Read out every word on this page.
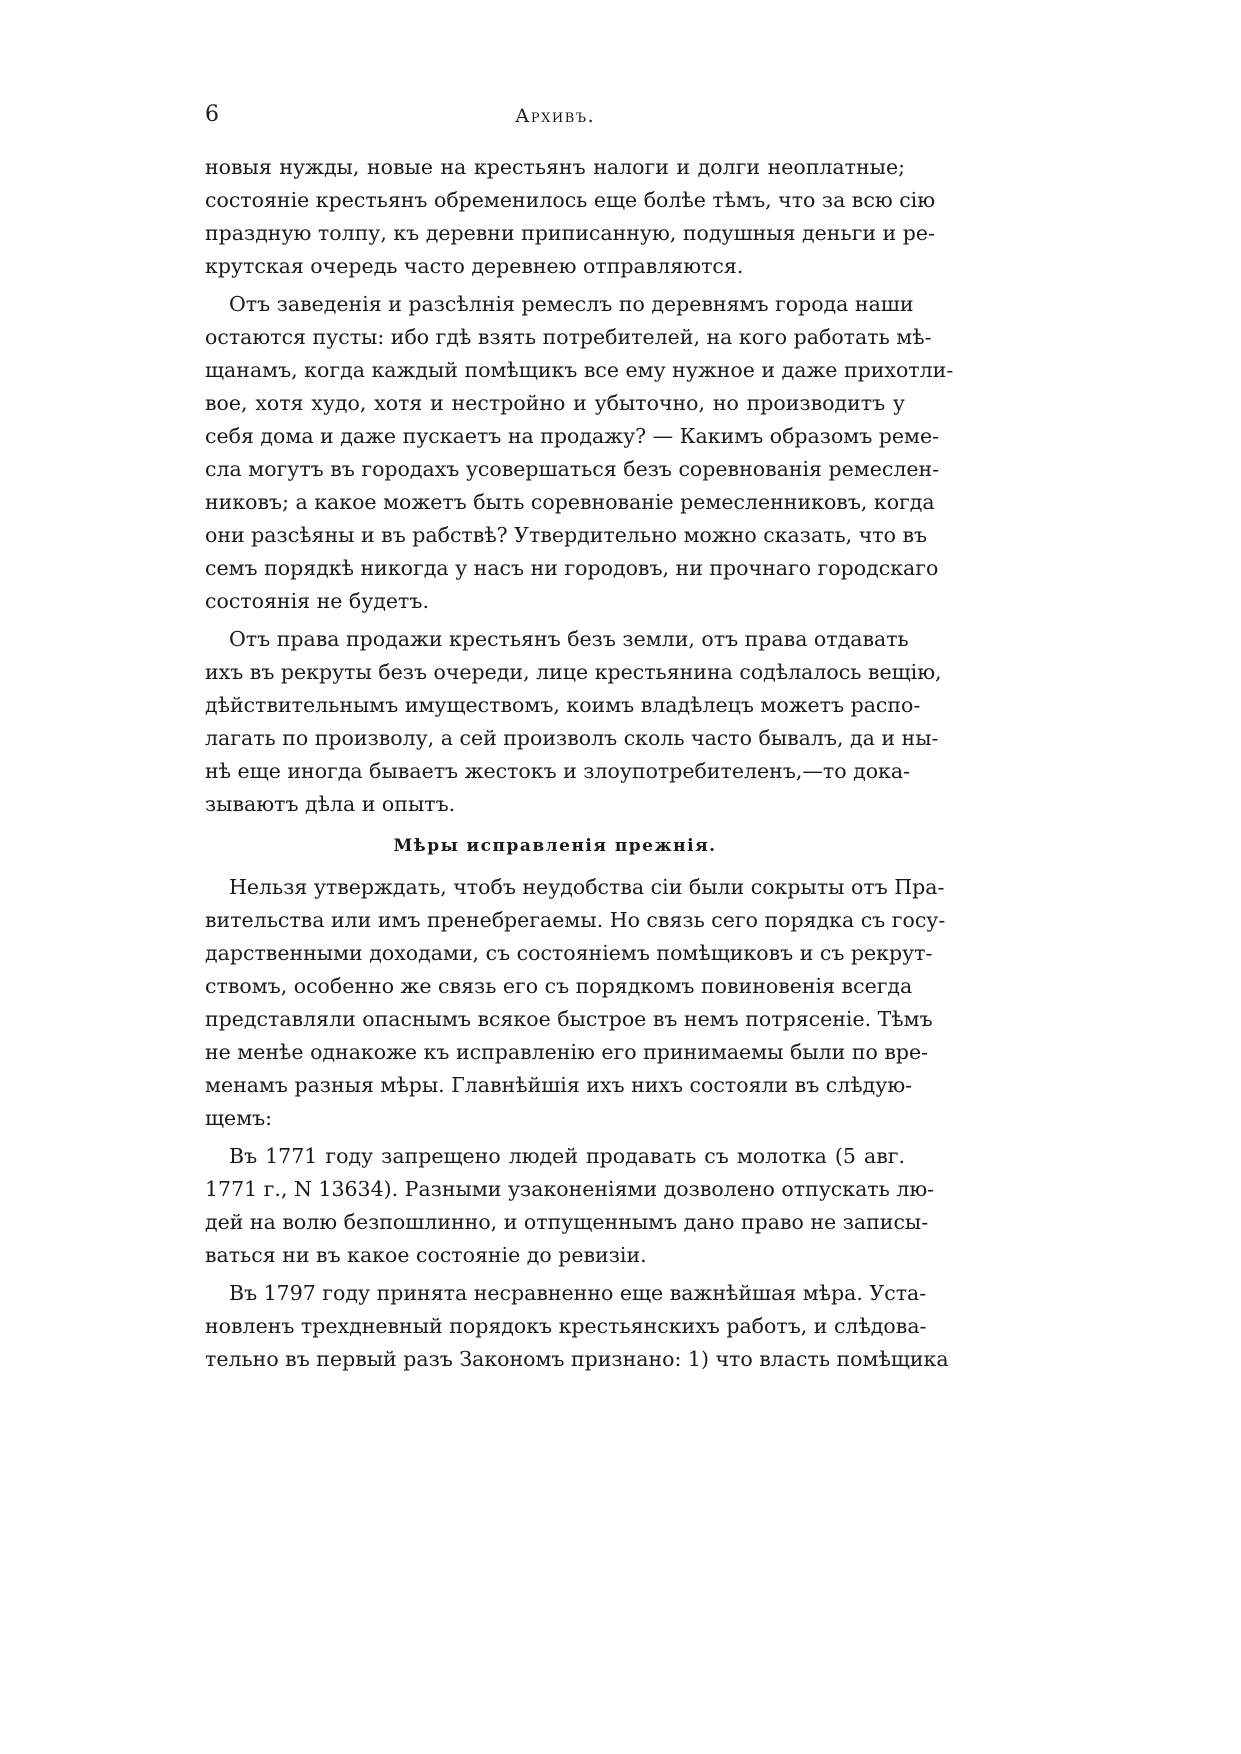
6	Архивъ.
новыя нужды, новые на крестьянъ налоги и долги неоплатные;
состояніе крестьянъ обременилось еще болѣе тѣмъ, что за всю сію
праздную толпу, къ деревни приписанную, подушныя деньги и ре-
крутская очередь часто деревнею отправляются.
Отъ заведенія и разсѣлнія ремеслъ по деревнямъ города наши
остаются пусты: ибо гдѣ взять потребителей, на кого работать мѣ-
щанамъ, когда каждый помѣщикъ все ему нужное и даже прихотли-
вое, хотя худо, хотя и нестройно и убыточно, но производитъ у
себя дома и даже пускаетъ на продажу? — Какимъ образомъ реме-
сла могутъ въ городахъ усовершаться безъ соревнованія ремеслен-
никовъ; а какое можетъ быть соревнованіе ремесленниковъ, когда
они разсѣяны и въ рабствѣ? Утвердительно можно сказать, что въ
семъ порядкѣ никогда у насъ ни городовъ, ни прочнаго городскаго
состоянія не будетъ.
Отъ права продажи крестьянъ безъ земли, отъ права отдавать
ихъ въ рекруты безъ очереди, лице крестьянина содѣлалось вещію,
дѣйствительнымъ имуществомъ, коимъ владѣлецъ можетъ распо-
лагать по произволу, а сей произволъ сколь часто бывалъ, да и ны-
нѣ еще иногда бываетъ жестокъ и злоупотребителенъ,—то дока-
зываютъ дѣла и опытъ.
Мѣры исправленія прежнія.
Нельзя утверждать, чтобъ неудобства сіи были сокрыты отъ Пра-
вительства или имъ пренебрегаемы. Но связь сего порядка съ госу-
дарственными доходами, съ состояніемъ помѣщиковъ и съ рекрут-
ствомъ, особенно же связь его съ порядкомъ повиновенія всегда
представляли опаснымъ всякое быстрое въ немъ потрясеніе. Тѣмъ
не менѣе однакоже къ исправленію его принимаемы были по вре-
менамъ разныя мѣры. Главнѣйшія ихъ нихъ состояли въ слѣдую-
щемъ:
Въ 1771 году запрещено людей продавать съ молотка (5 авг.
1771 г., N 13634). Разными узаконеніями дозволено отпускать лю-
дей на волю безпошлинно, и отпущеннымъ дано право не записы-
ваться ни въ какое состояніе до ревизіи.
Въ 1797 году принята несравненно еще важнѣйшая мѣра. Уста-
новленъ трехдневный порядокъ крестьянскихъ работъ, и слѣдова-
тельно въ первый разъ Закономъ признано: 1) что власть помѣщика
